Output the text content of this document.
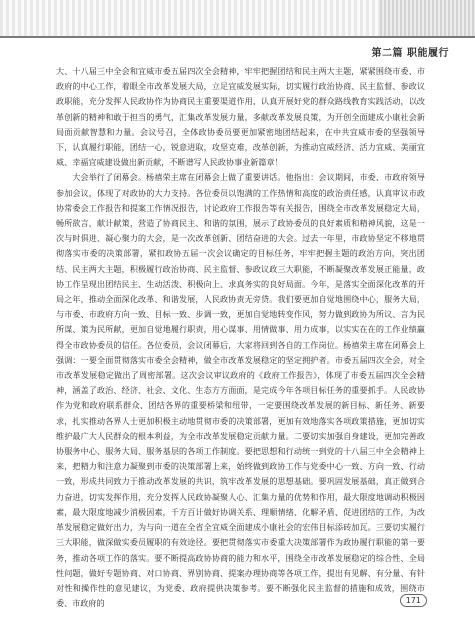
第二篇 职能履行

大、十八届三中全会和宜威市委五届四次全会精神，牢牢把握团结和民主两大主题，紧紧围绕市委、市政府的中心工作，着眼全市改革发展大局，立足宜威发展实际，切实履行政治协商、民主监督、参政议政职能，充分发挥人民政协作为协商民主重要渠道作用，认真开展好党的群众路线教育实践活动，以改革创新的精神和敢于担当的勇气，汇集改革发展力量，多献改革发展良策，为开创全面建成小康社会新局面贡献智慧和力量。会议号召，全体政协委员要更加紧密地团结起来，在中共宜威市委的坚强领导下，认真履行职能，团结一心，锐意进取，攻坚克难，改革创新，为推动宜威经济、活力宜威、美丽宜威、幸福宜威建设做出新贡献，不断谱写人民政协事业新篇章！

大会举行了闭幕会。杨禧荣主席在闭幕会上做了重要讲话。他指出：会议期间，市委、市政府领导参加会议，体现了对政协的大力支持。各位委员以饱满的工作热情和高度的政治责任感，认真审议市政协常委会工作报告和提案工作情况报告，讨论政府工作报告等有关报告，围绕全市改革发展稳定大局，畅所欲言，献计献策，营造了协商民主、和谐的氛围，展示了政协委员的良好素质和精神风貌，这是一次与时俱进、凝心聚力的大会，是一次改革创新、团结奋进的大会。过去一年里，市政协坚定不移地贯彻落实市委的决策部署，紧扣政协五届一次会议确定的目标任务，牢牢把握主题的政治方向，突出团结、民主两大主题，积极履行政治协商、民主监督、参政议政三大职能，不断凝聚改革发展正能量，政协工作呈现出团结民主、生动活泼、积极向上、求真务实的良好局面。今年，是落实全面深化改革的开局之年，推动全面深化改革、和谐发展，人民政协责无旁贷。我们要更加自觉地围绕中心，服务大局，与市委、市政府方向一致、目标一致、步调一致，更加自觉地转变作风，努力做到政协为所议、言为民所谋、策为民所献，更加自觉地履行职责，用心谋事、用情做事、用力成事，以实实在在的工作业绩赢得全市政协委员的信任。各位委员，会议闭幕后，大家将回到各自的工作岗位。杨禧荣主席在闭幕会上强调：一要全面贯彻落实市委全会精神，做全市改革发展稳定的坚定拥护者。市委五届四次全会，对全市改革发展稳定做出了周密部署。这次会议审议政府的《政府工作报告》，体现了市委五届四次全会精神，涵盖了政治、经济、社会、文化、生态方方面面，是完成今年各项目标任务的重要抓手。人民政协作为党和政府联系群众、团结各界的重要桥梁和纽带，一定要围绕改革发展的新目标、新任务、新要求，扎实推动各界人士更加积极主动地贯彻市委的决策部署，更加有效地落实各项政策措施，更加切实维护最广大人民群众的根本利益，为全市改革发展稳定贡献力量。二要切实加强自身建设，更加完善政协服务中心、服务大局、服务基层的各项工作制度。要把思想和行动统一到党的十八届三中全会精神上来，把精力和注意力凝聚到市委的决策部署上来，始终做到政协工作与党委中心一致、方向一致、行动一致，形成共同致力于推动改革发展的共识，筑牢改革发展的思想基础。要巩固发展基础，真正做到合力奋进，切实发挥作用，充分发挥人民政协凝聚人心、汇集力量的优势和作用，最大限度地调动积极因素，最大限度地减少消极因素，千方百计做好协调关系、理顺情绪、化解矛盾、促进团结的工作，为改革发展稳定做好出力，为与向一道在全省全宜威全面建成小康社会的宏伟目标添砖加瓦。三要切实履行三大职能，做深做实委员履职的有效途径。要把贯彻落实市委重大决策部署作为政协履行职能的第一要务，推动各项工作的落实。要不断提高政协协商的能力和水平，围绕全市改革发展稳定的综合性、全局性问题，做好专题协商、对口协商、界别协商、提案办理协商等各项工作，提出有见解、有分量、有针对性和操作性的意见建议，为党委、政府提供决策参考。要不断强化民主监督的措施和成效，围绕市委、市政府的	171
